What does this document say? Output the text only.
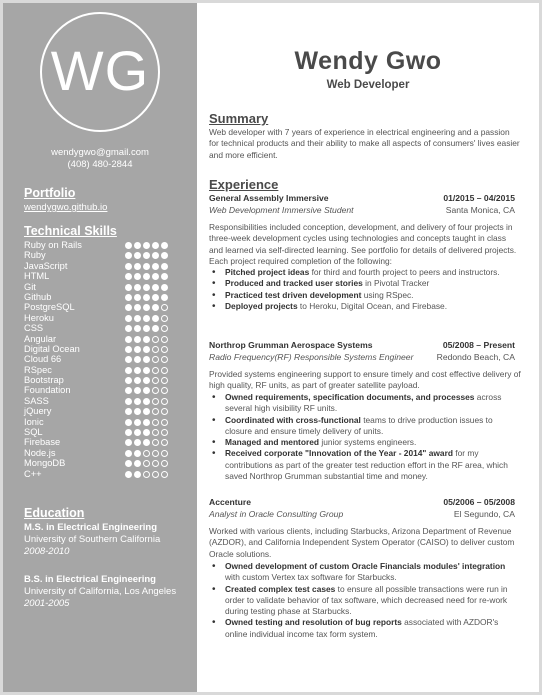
WG
wendygwo@gmail.com
(408) 480-2844
Portfolio
wendygwo.github.io
Technical Skills
Ruby on Rails
Ruby
JavaScript
HTML
Git
Github
PostgreSQL
Heroku
CSS
Angular
Digital Ocean
Cloud 66
RSpec
Bootstrap
Foundation
SASS
jQuery
Ionic
SQL
Firebase
Node.js
MongoDB
C++
Education
M.S. in Electrical Engineering
University of Southern California
2008-2010
B.S. in Electrical Engineering
University of California, Los Angeles
2001-2005
Wendy Gwo
Web Developer
Summary
Web developer with 7 years of experience in electrical engineering and a passion for technical products and their ability to make all aspects of consumers' lives easier and more efficient.
Experience
General Assembly Immersive	01/2015 – 04/2015
Web Development Immersive Student	Santa Monica, CA
Responsibilities included conception, development, and delivery of four projects in three-week development cycles using technologies and concepts taught in class and learned via self-directed learning. See portfolio for details of delivered projects. Each project required completion of the following:
• Pitched project ideas for third and fourth project to peers and instructors.
• Produced and tracked user stories in Pivotal Tracker
• Practiced test driven development using RSpec.
• Deployed projects to Heroku, Digital Ocean, and Firebase.
Northrop Grumman Aerospace Systems	05/2008 – Present
Radio Frequency(RF) Responsible Systems Engineer	Redondo Beach, CA
Provided systems engineering support to ensure timely and cost effective delivery of high quality, RF units, as part of greater satellite payload.
• Owned requirements, specification documents, and processes across several high visibility RF units.
• Coordinated with cross-functional teams to drive production issues to closure and ensure timely delivery of units.
• Managed and mentored junior systems engineers.
• Received corporate "Innovation of the Year - 2014" award for my contributions as part of the greater test reduction effort in the RF area, which saved Northrop Grumman substantial time and money.
Accenture	05/2006 – 05/2008
Analyst in Oracle Consulting Group	El Segundo, CA
Worked with various clients, including Starbucks, Arizona Department of Revenue (AZDOR), and California Independent System Operator (CAISO) to deliver custom Oracle solutions.
• Owned development of custom Oracle Financials modules' integration with custom Vertex tax software for Starbucks.
• Created complex test cases to ensure all possible transactions were run in order to validate behavior of tax software, which decreased need for re-work during testing phase at Starbucks.
• Owned testing and resolution of bug reports associated with AZDOR's online individual income tax form system.
